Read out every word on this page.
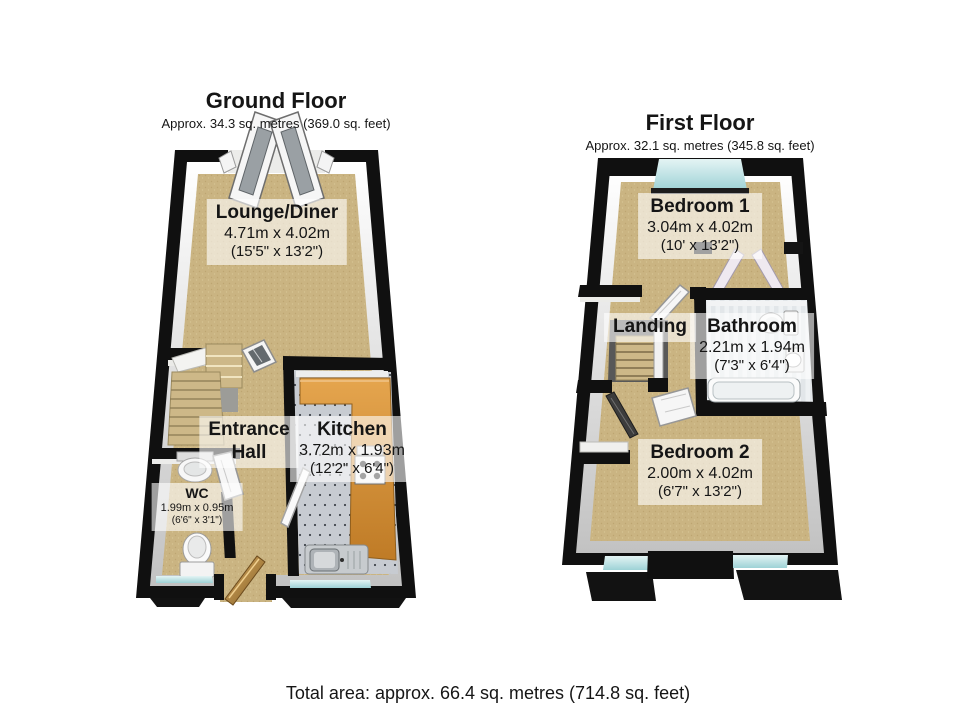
Ground Floor
Approx. 34.3 sq. metres (369.0 sq. feet)
Lounge/Diner
4.71m x 4.02m
(15'5" x 13'2")
Entrance
Hall
Kitchen
3.72m x 1.93m
(12'2" x 6'4")
WC
1.99m x 0.95m
(6'6" x 3'1")
First Floor
Approx. 32.1 sq. metres (345.8 sq. feet)
Bedroom 1
3.04m x 4.02m
(10' x 13'2")
Landing	Bathroom
2.21m x 1.94m
(7'3" x 6'4")
Bedroom 2
2.00m x 4.02m
(6'7" x 13'2")
Total area: approx. 66.4 sq. metres (714.8 sq. feet)
